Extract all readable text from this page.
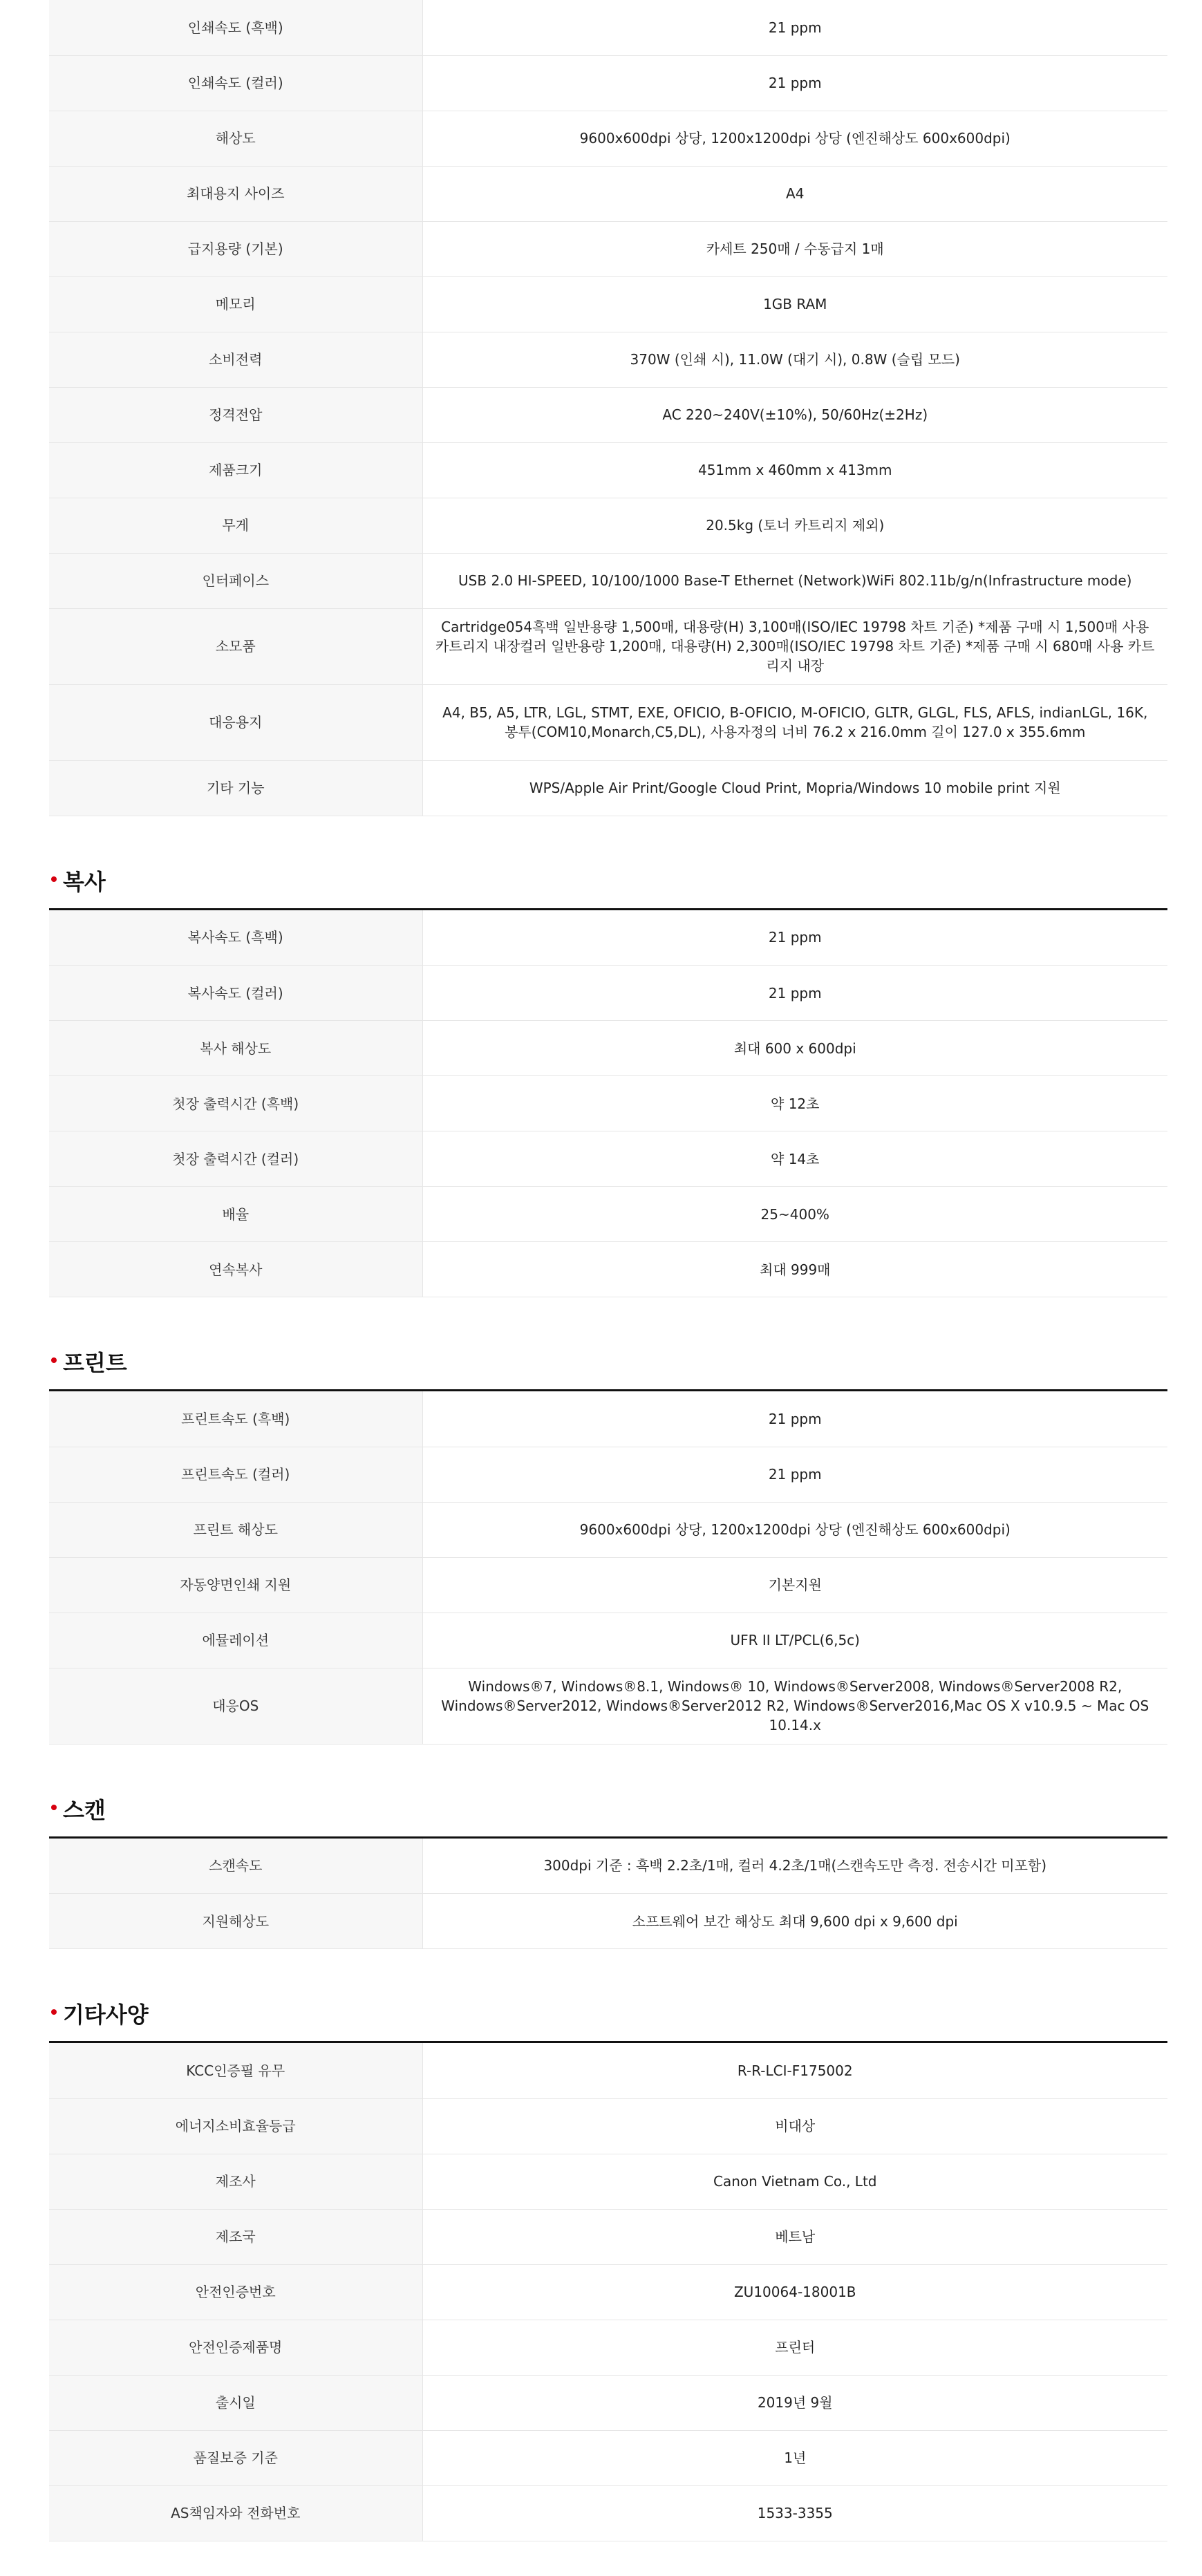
인쇄속도 (흑백)	21 ppm
인쇄속도 (컬러)	21 ppm
해상도	9600x600dpi 상당, 1200x1200dpi 상당 (엔진해상도 600x600dpi)
최대용지 사이즈	A4
급지용량 (기본)	카세트 250매 / 수동급지 1매
메모리	1GB RAM
소비전력	370W (인쇄 시), 11.0W (대기 시), 0.8W (슬립 모드)
정격전압	AC 220~240V(±10%), 50/60Hz(±2Hz)
제품크기	451mm x 460mm x 413mm
무게	20.5kg (토너 카트리지 제외)
인터페이스	USB 2.0 HI-SPEED, 10/100/1000 Base-T Ethernet (Network)WiFi 802.11b/g/n(Infrastructure mode)
소모품	Cartridge054흑백 일반용량 1,500매, 대용량(H) 3,100매(ISO/IEC 19798 차트 기준) *제품 구매 시 1,500매 사용 카트리지 내장컬러 일반용량 1,200매, 대용량(H) 2,300매(ISO/IEC 19798 차트 기준) *제품 구매 시 680매 사용 카트리지 내장
대응용지	A4, B5, A5, LTR, LGL, STMT, EXE, OFICIO, B-OFICIO, M-OFICIO, GLTR, GLGL, FLS, AFLS, indianLGL, 16K, 봉투(COM10,Monarch,C5,DL), 사용자정의 너비 76.2 x 216.0mm 길이 127.0 x 355.6mm
기타 기능	WPS/Apple Air Print/Google Cloud Print, Mopria/Windows 10 mobile print 지원
복사
복사속도 (흑백)	21 ppm
복사속도 (컬러)	21 ppm
복사 해상도	최대 600 x 600dpi
첫장 출력시간 (흑백)	약 12초
첫장 출력시간 (컬러)	약 14초
배율	25~400%
연속복사	최대 999매
프린트
프린트속도 (흑백)	21 ppm
프린트속도 (컬러)	21 ppm
프린트 해상도	9600x600dpi 상당, 1200x1200dpi 상당 (엔진해상도 600x600dpi)
자동양면인쇄 지원	기본지원
에뮬레이션	UFR II LT/PCL(6,5c)
대응OS	Windows®7, Windows®8.1, Windows® 10, Windows®Server2008, Windows®Server2008 R2, Windows®Server2012, Windows®Server2012 R2, Windows®Server2016,Mac OS X v10.9.5 ~ Mac OS 10.14.x
스캔
스캔속도	300dpi 기준 : 흑백 2.2초/1매, 컬러 4.2초/1매(스캔속도만 측정. 전송시간 미포함)
지원해상도	소프트웨어 보간 해상도 최대 9,600 dpi x 9,600 dpi
기타사양
KCC인증필 유무	R-R-LCI-F175002
에너지소비효율등급	비대상
제조사	Canon Vietnam Co., Ltd
제조국	베트남
안전인증번호	ZU10064-18001B
안전인증제품명	프린터
출시일	2019년 9월
품질보증 기준	1년
AS책임자와 전화번호	1533-3355
